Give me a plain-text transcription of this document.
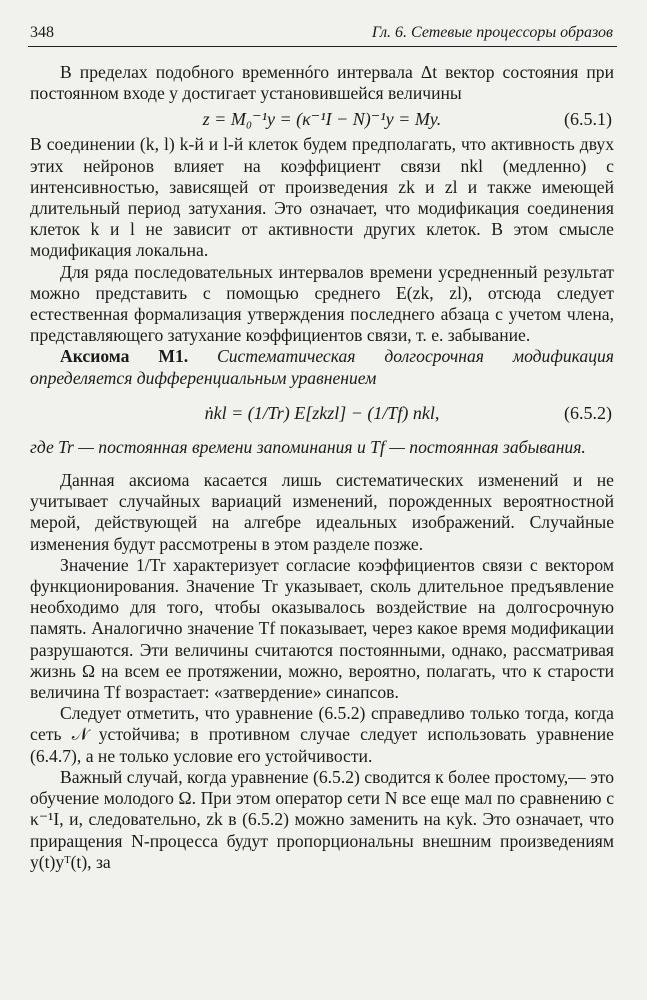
348	Гл. 6. Сетевые процессоры образов

В пределах подобного временнóго интервала Δt вектор состояния при постоянном входе y достигает установившейся величины

z = M₀⁻¹y = (κ⁻¹I − N)⁻¹y = My.	(6.5.1)

В соединении (k, l) k-й и l-й клеток будем предполагать, что активность двух этих нейронов влияет на коэффициент связи nkl (медленно) с интенсивностью, зависящей от произведения zk и zl и также имеющей длительный период затухания. Это означает, что модификация соединения клеток k и l не зависит от активности других клеток. В этом смысле модификация локальна.

Для ряда последовательных интервалов времени усредненный результат можно представить с помощью среднего E(zk, zl), отсюда следует естественная формализация утверждения последнего абзаца с учетом члена, представляющего затухание коэффициентов связи, т. е. забывание.

Аксиома M1. Систематическая долгосрочная модификация определяется дифференциальным уравнением

ṅkl = (1/Tr) E[zkzl] − (1/Tf) nkl,	(6.5.2)

где Tr — постоянная времени запоминания и Tf — постоянная забывания.

Данная аксиома касается лишь систематических изменений и не учитывает случайных вариаций изменений, порожденных вероятностной мерой, действующей на алгебре идеальных изображений. Случайные изменения будут рассмотрены в этом разделе позже.

Значение 1/Tr характеризует согласие коэффициентов связи с вектором функционирования. Значение Tr указывает, сколь длительное предъявление необходимо для того, чтобы оказывалось воздействие на долгосрочную память. Аналогично значение Tf показывает, через какое время модификации разрушаются. Эти величины считаются постоянными, однако, рассматривая жизнь Ω на всем ее протяжении, можно, вероятно, полагать, что к старости величина Tf возрастает: «затвердение» синапсов.

Следует отметить, что уравнение (6.5.2) справедливо только тогда, когда сеть 𝒩 устойчива; в противном случае следует использовать уравнение (6.4.7), а не только условие его устойчивости.

Важный случай, когда уравнение (6.5.2) сводится к более простому,— это обучение молодого Ω. При этом оператор сети N все еще мал по сравнению с κ⁻¹I, и, следовательно, zk в (6.5.2) можно заменить на κyk. Это означает, что приращения N-процесса будут пропорциональны внешним произведениям y(t)yᵀ(t), за
